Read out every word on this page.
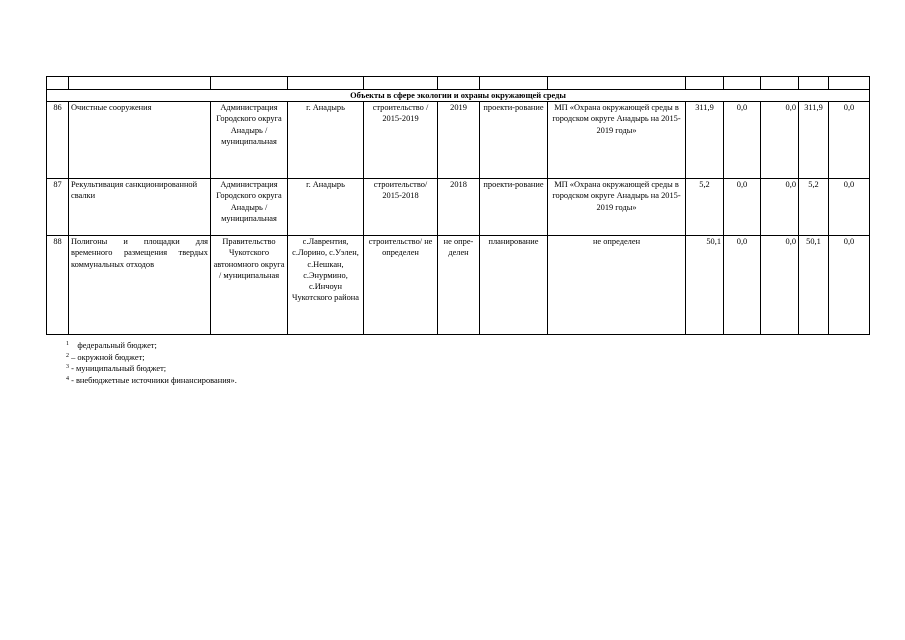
Объекты в сфере экологии и охраны окружающей среды												
86	Очистные сооружения	Администрация Городского округа Анадырь / муниципальная	г. Анадырь	строительство / 2015-2019	2019	проекти-рование	МП «Охрана окружающей среды в городском округе Анадырь на 2015-2019 годы»	311,9	0,0	0,0	311,9	0,0
87	Рекультивация санкционированной свалки	Администрация Городского округа Анадырь / муниципальная	г. Анадырь	строительство/ 2015-2018	2018	проекти-рование	МП «Охрана окружающей среды в городском округе Анадырь на 2015-2019 годы»	5,2	0,0	0,0	5,2	0,0
88	Полигоны и площадки для временного размещения твердых коммунальных отходов	Правительство Чукотского автономного округа / муниципальная	с.Лаврентия, с.Лорино, с.Уэлен, с.Нешкан, с.Энурмино, с.Инчоун Чукотского района	строительство/ не определен	не опре-делен	планирование	не определен	50,1	0,0	0,0	50,1	0,0
$^1$ федеральный бюджет;
$^2$ – окружной бюджет;
$^3$ - муниципальный бюджет;
$^4$ - внебюджетные источники финансирования».
